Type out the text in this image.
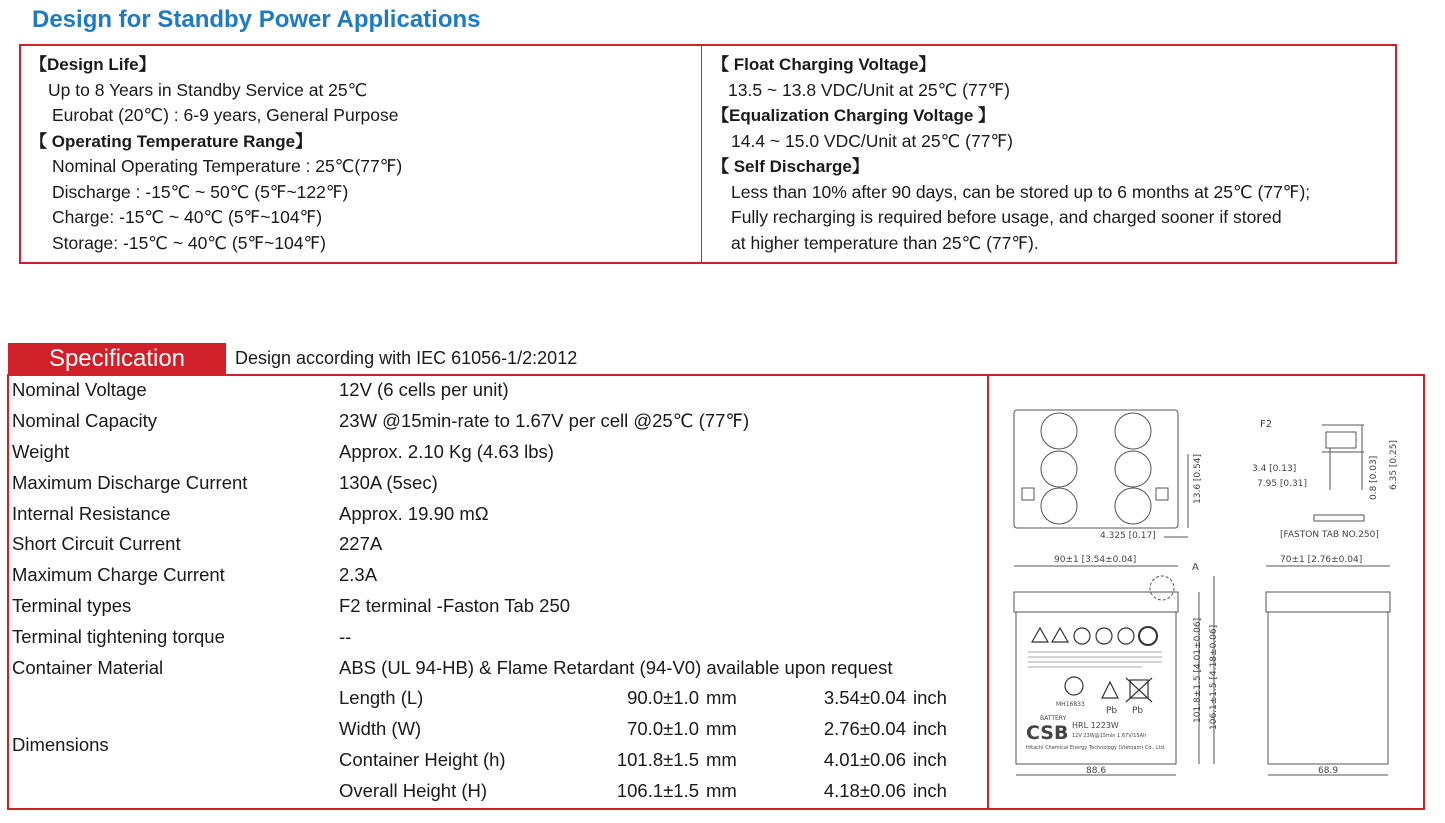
Design for Standby Power Applications
【Design Life】
Up to 8 Years in Standby Service at 25℃
Eurobat (20℃) : 6-9 years, General Purpose
【 Operating Temperature Range】
Nominal Operating Temperature : 25℃(77℉)
Discharge : -15℃ ~ 50℃ (5℉~122℉)
Charge: -15℃ ~ 40℃ (5℉~104℉)
Storage: -15℃ ~ 40℃ (5℉~104℉)
【 Float Charging Voltage】
13.5 ~ 13.8 VDC/Unit at 25℃ (77℉)
【Equalization Charging Voltage 】
14.4 ~ 15.0 VDC/Unit at 25℃ (77℉)
【 Self Discharge】
Less than 10% after 90 days, can be stored up to 6 months at 25℃ (77℉);
Fully recharging is required before usage, and charged sooner if stored
at higher temperature than 25℃ (77℉).
Specification	Design according with IEC 61056-1/2:2012
Nominal Voltage	12V (6 cells per unit)			
Nominal Capacity	23W @15min-rate to 1.67V per cell @25℃ (77℉)			
Weight	Approx. 2.10 Kg (4.63 lbs)			
Maximum Discharge Current	130A (5sec)			
Internal Resistance	Approx. 19.90 mΩ			
Short Circuit Current	227A			
Maximum Charge Current	2.3A			
Terminal types	F2 terminal -Faston Tab 250			
Terminal tightening torque	--			
Container Material	ABS (UL 94-HB) & Flame Retardant (94-V0) available upon request			
Dimensions	Length (L)	90.0±1.0	mm	3.54±0.04 inch
	Width (W)	70.0±1.0	mm	2.76±0.04 inch
	Container Height (h)	101.8±1.5	mm	4.01±0.06 inch
	Overall Height (H)	106.1±1.5	mm	4.18±0.06 inch
13.6 [0.54]
4.325 [0.17]
F2
3.4 [0.13]
7.95 [0.31]	0.8 [0.03] 6.35 [0.25]
[FASTON TAB NO.250]
90±1 [3.54±0.04]
A
101.8±1.5 [4.01±0.06] 106.1±1.5 [4.18±0.06]
88.6
MH16833
Pb Pb
BATTERY
CSB HRL 1223W
12V 23W@15min 1.67V/15Ah
Hitachi Chemical Energy Technology (Vietnam) Co., Ltd.
70±1 [2.76±0.04]
68.9
